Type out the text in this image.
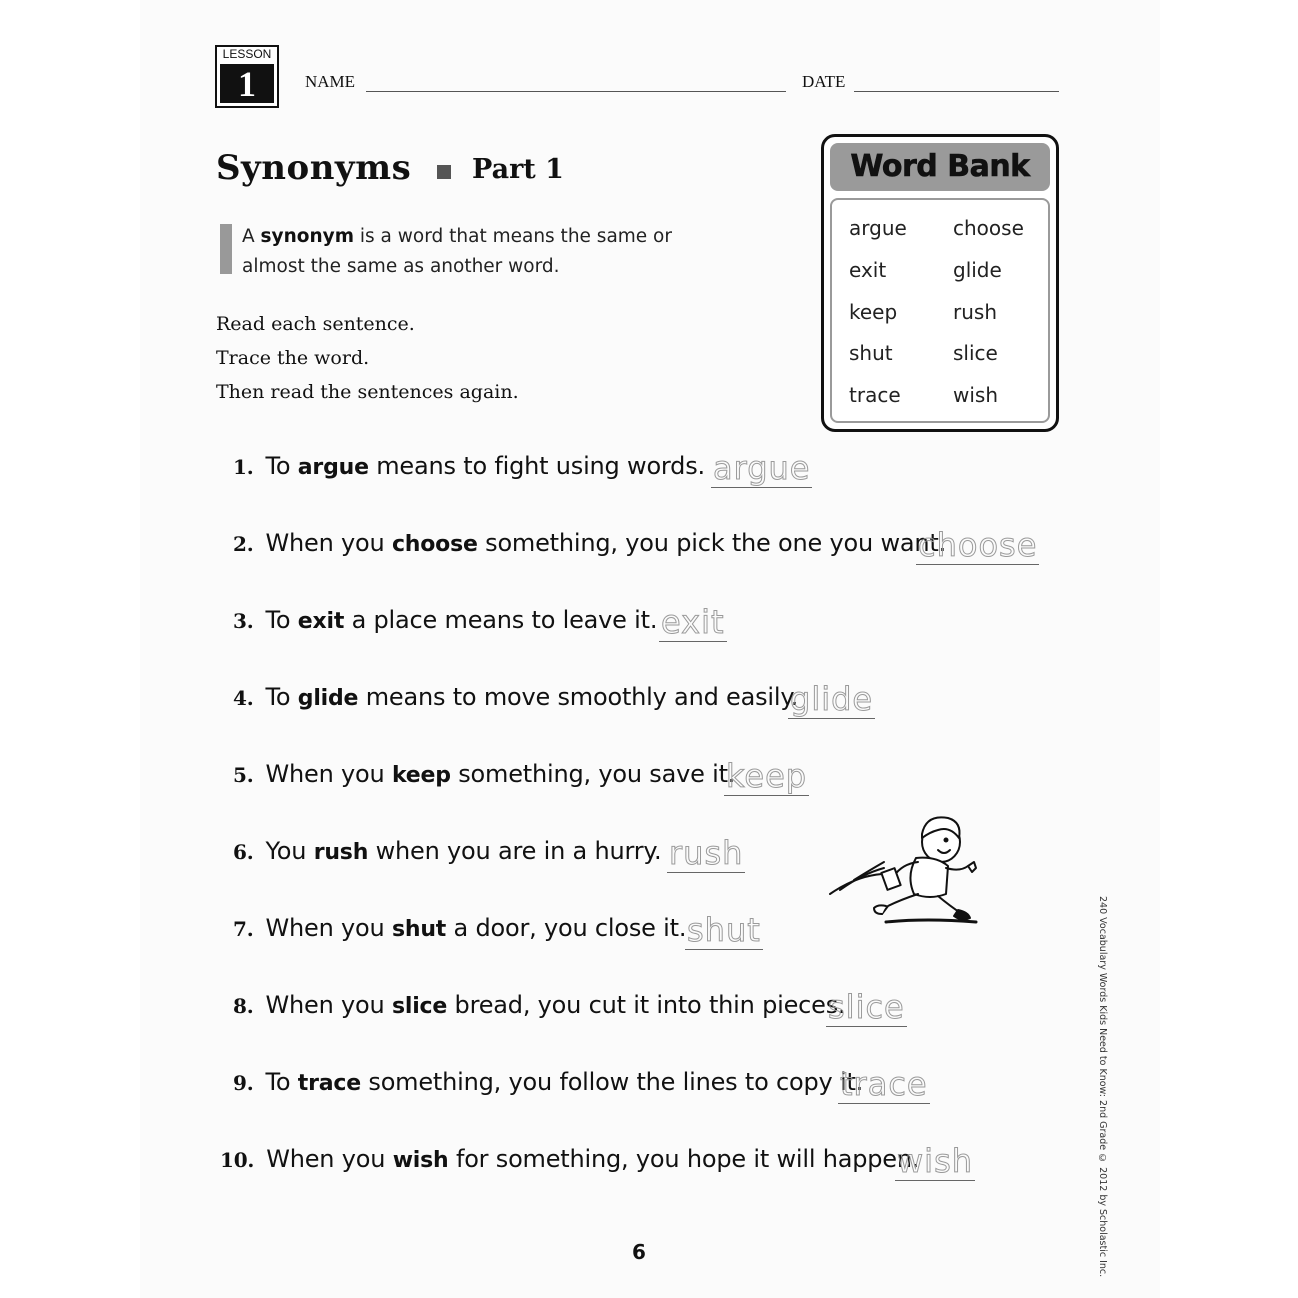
LESSON
1	NAME	DATE
Synonyms Part 1
A synonym is a word that means the same or almost the same as another word.
Read each sentence.
Trace the word.
Then read the sentences again.
Word Bank
argue choose
exit	glide
keep	rush
shut	slice
trace	wish
1. To argue means to fight using words. argue
2. When you choose something, you pick the one you want.
choose
3. To exit a place means to leave it. exit
4. To glide means to move smoothly and easily.
glide
5. When you keep something, you save it.
keep
6. You rush when you are in a hurry. rush
7. When you shut a door, you close it. shut
8. When you slice bread, you cut it into thin pieces.
slice
9. To trace something, you follow the lines to copy it.
trace
10. When you wish for something, you hope it will happen.
wish
6	240 Vocabulary Words Kids Need to Know: 2nd Grade © 2012 by Scholastic Inc.
